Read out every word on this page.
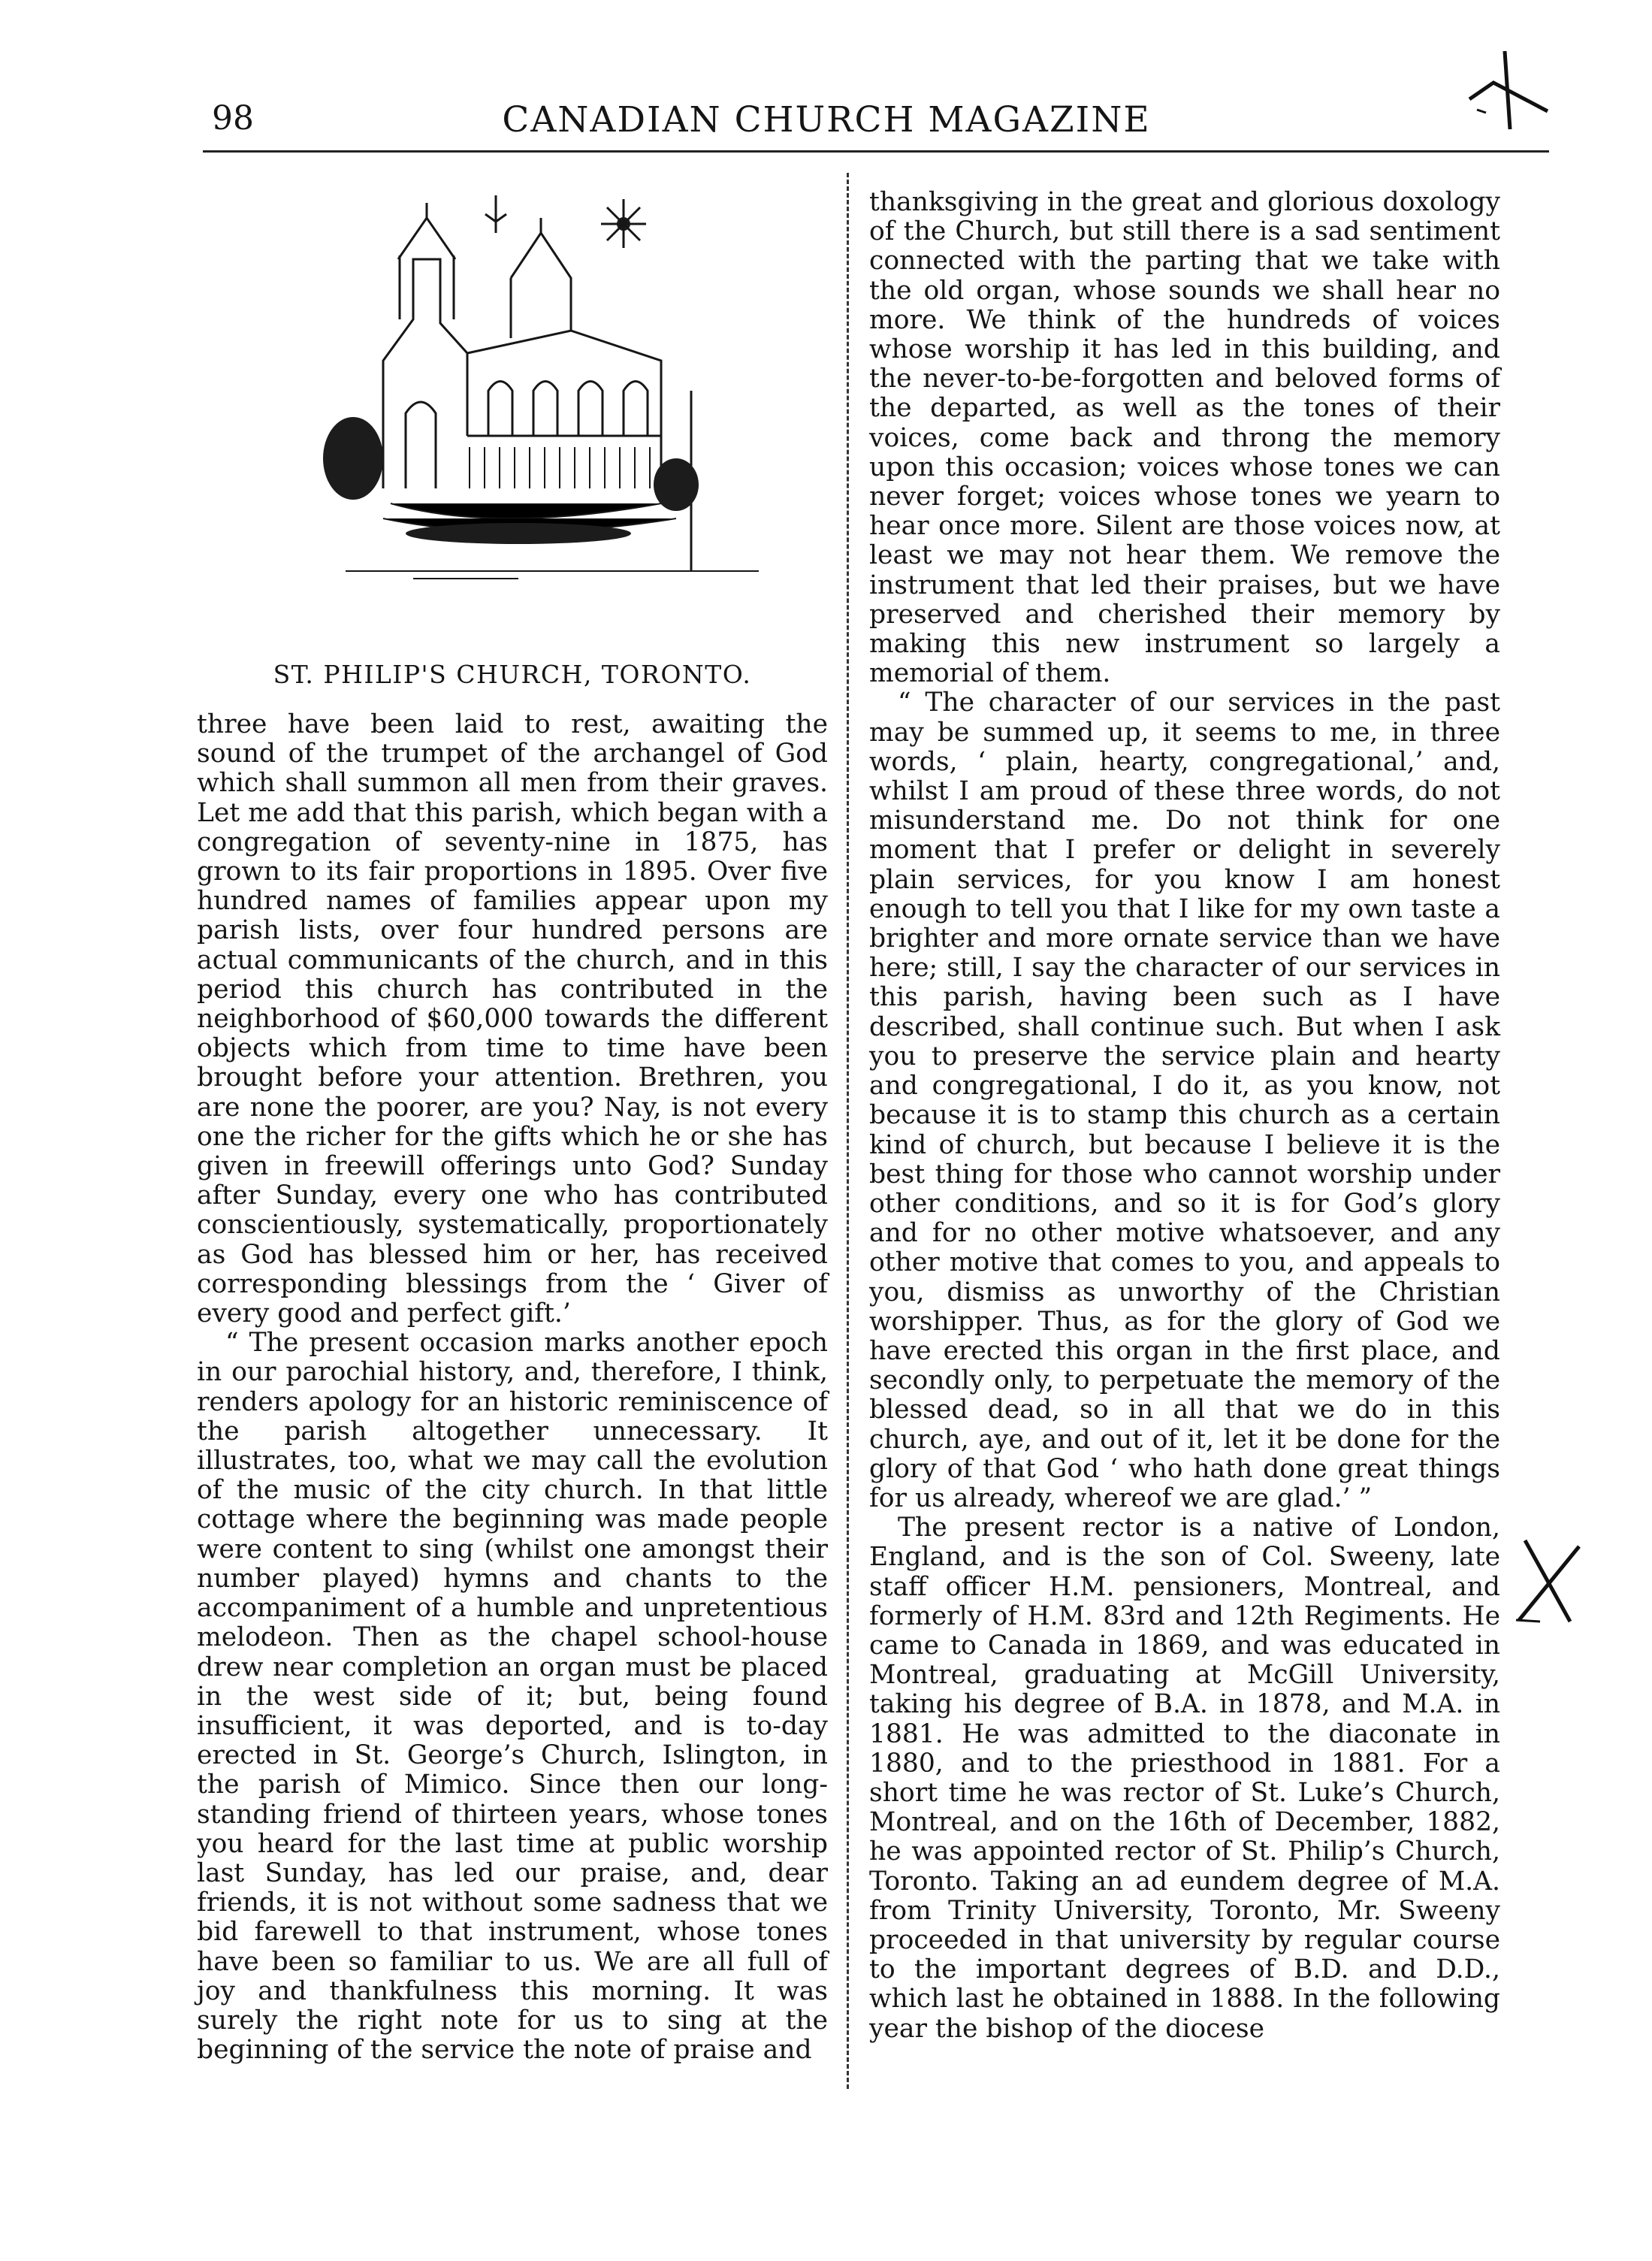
98	CANADIAN CHURCH MAGAZINE
ST. PHILIP'S CHURCH, TORONTO.

three have been laid to rest, awaiting the sound of the trumpet of the archangel of God which shall summon all men from their graves. Let me add that this parish, which began with a congregation of seventy-nine in 1875, has grown to its fair proportions in 1895. Over five hundred names of families appear upon my parish lists, over four hundred persons are actual communicants of the church, and in this period this church has contributed in the neighborhood of $60,000 towards the different objects which from time to time have been brought before your attention. Brethren, you are none the poorer, are you? Nay, is not every one the richer for the gifts which he or she has given in freewill offerings unto God? Sunday after Sunday, every one who has contributed conscientiously, systematically, proportionately as God has blessed him or her, has received corresponding blessings from the ‘ Giver of every good and perfect gift.’

“ The present occasion marks another epoch in our parochial history, and, therefore, I think, renders apology for an historic reminiscence of the parish altogether unnecessary. It illustrates, too, what we may call the evolution of the music of the city church. In that little cottage where the beginning was made people were content to sing (whilst one amongst their number played) hymns and chants to the accompaniment of a humble and unpretentious melodeon. Then as the chapel school-house drew near completion an organ must be placed in the west side of it; but, being found insufficient, it was deported, and is to-day erected in St. George’s Church, Islington, in the parish of Mimico. Since then our long-standing friend of thirteen years, whose tones you heard for the last time at public worship last Sunday, has led our praise, and, dear friends, it is not without some sadness that we bid farewell to that instrument, whose tones have been so familiar to us. We are all full of joy and thankfulness this morning. It was surely the right note for us to sing at the beginning of the service the note of praise and

thanksgiving in the great and glorious doxology of the Church, but still there is a sad sentiment connected with the parting that we take with the old organ, whose sounds we shall hear no more. We think of the hundreds of voices whose worship it has led in this building, and the never-to-be-forgotten and beloved forms of the departed, as well as the tones of their voices, come back and throng the memory upon this occasion; voices whose tones we can never forget; voices whose tones we yearn to hear once more. Silent are those voices now, at least we may not hear them. We remove the instrument that led their praises, but we have preserved and cherished their memory by making this new instrument so largely a memorial of them.

“ The character of our services in the past may be summed up, it seems to me, in three words, ‘ plain, hearty, congregational,’ and, whilst I am proud of these three words, do not misunderstand me. Do not think for one moment that I prefer or delight in severely plain services, for you know I am honest enough to tell you that I like for my own taste a brighter and more ornate service than we have here; still, I say the character of our services in this parish, having been such as I have described, shall continue such. But when I ask you to preserve the service plain and hearty and congregational, I do it, as you know, not because it is to stamp this church as a certain kind of church, but because I believe it is the best thing for those who cannot worship under other conditions, and so it is for God’s glory and for no other motive whatsoever, and any other motive that comes to you, and appeals to you, dismiss as unworthy of the Christian worshipper. Thus, as for the glory of God we have erected this organ in the first place, and secondly only, to perpetuate the memory of the blessed dead, so in all that we do in this church, aye, and out of it, let it be done for the glory of that God ‘ who hath done great things for us already, whereof we are glad.’ ”

The present rector is a native of London, England, and is the son of Col. Sweeny, late staff officer H.M. pensioners, Montreal, and formerly of H.M. 83rd and 12th Regiments. He came to Canada in 1869, and was educated in Montreal, graduating at McGill University, taking his degree of B.A. in 1878, and M.A. in 1881. He was admitted to the diaconate in 1880, and to the priesthood in 1881. For a short time he was rector of St. Luke’s Church, Montreal, and on the 16th of December, 1882, he was appointed rector of St. Philip’s Church, Toronto. Taking an ad eundem degree of M.A. from Trinity University, Toronto, Mr. Sweeny proceeded in that university by regular course to the important degrees of B.D. and D.D., which last he obtained in 1888. In the following year the bishop of the diocese
